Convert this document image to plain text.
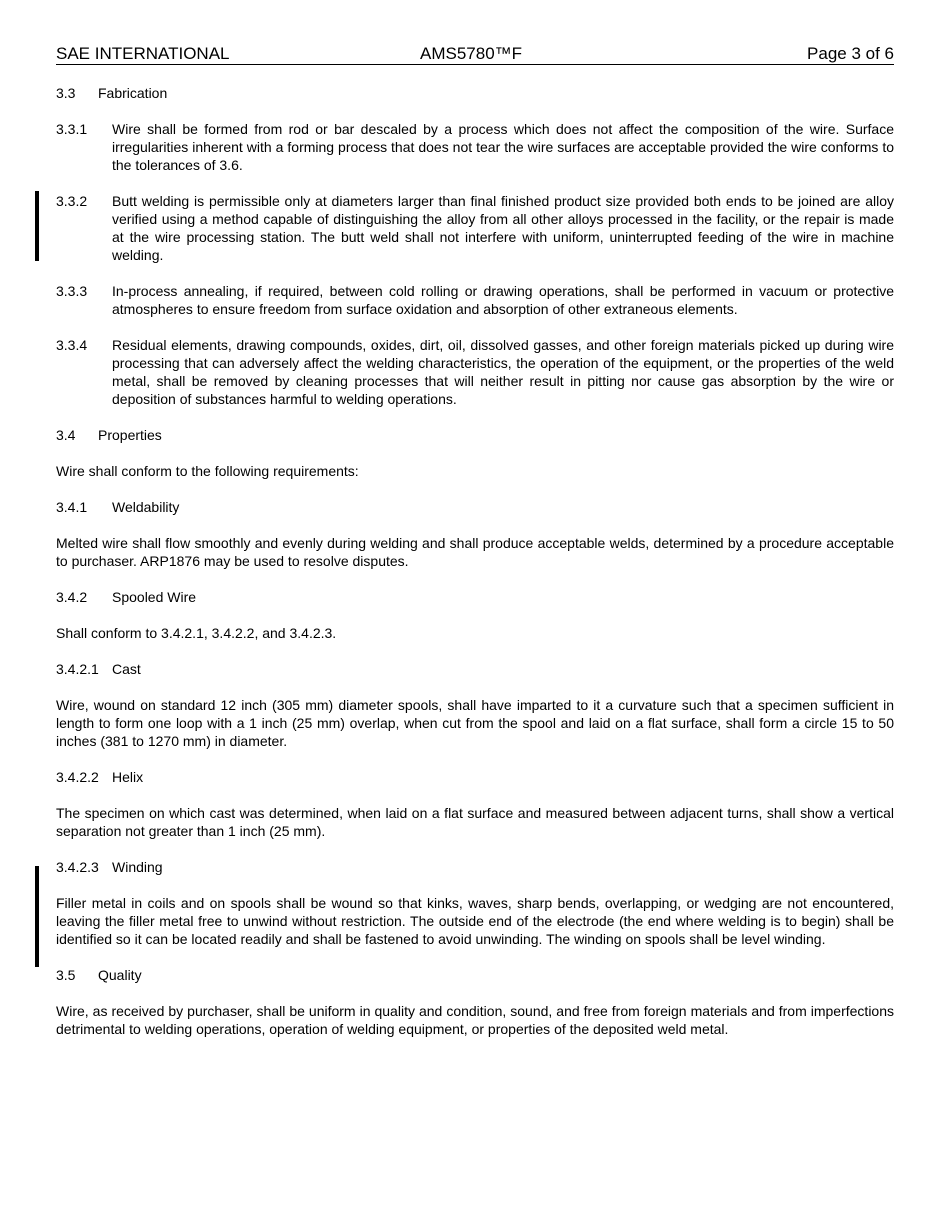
SAE INTERNATIONAL	AMS5780™F	Page 3 of 6
3.3	Fabrication
3.3.1	Wire shall be formed from rod or bar descaled by a process which does not affect the composition of the wire. Surface irregularities inherent with a forming process that does not tear the wire surfaces are acceptable provided the wire conforms to the tolerances of 3.6.
3.3.2	Butt welding is permissible only at diameters larger than final finished product size provided both ends to be joined are alloy verified using a method capable of distinguishing the alloy from all other alloys processed in the facility, or the repair is made at the wire processing station. The butt weld shall not interfere with uniform, uninterrupted feeding of the wire in machine welding.
3.3.3	In-process annealing, if required, between cold rolling or drawing operations, shall be performed in vacuum or protective atmospheres to ensure freedom from surface oxidation and absorption of other extraneous elements.
3.3.4	Residual elements, drawing compounds, oxides, dirt, oil, dissolved gasses, and other foreign materials picked up during wire processing that can adversely affect the welding characteristics, the operation of the equipment, or the properties of the weld metal, shall be removed by cleaning processes that will neither result in pitting nor cause gas absorption by the wire or deposition of substances harmful to welding operations.
3.4	Properties
Wire shall conform to the following requirements:
3.4.1	Weldability
Melted wire shall flow smoothly and evenly during welding and shall produce acceptable welds, determined by a procedure acceptable to purchaser. ARP1876 may be used to resolve disputes.
3.4.2	Spooled Wire
Shall conform to 3.4.2.1, 3.4.2.2, and 3.4.2.3.
3.4.2.1 Cast
Wire, wound on standard 12 inch (305 mm) diameter spools, shall have imparted to it a curvature such that a specimen sufficient in length to form one loop with a 1 inch (25 mm) overlap, when cut from the spool and laid on a flat surface, shall form a circle 15 to 50 inches (381 to 1270 mm) in diameter.
3.4.2.2 Helix
The specimen on which cast was determined, when laid on a flat surface and measured between adjacent turns, shall show a vertical separation not greater than 1 inch (25 mm).
3.4.2.3 Winding
Filler metal in coils and on spools shall be wound so that kinks, waves, sharp bends, overlapping, or wedging are not encountered, leaving the filler metal free to unwind without restriction. The outside end of the electrode (the end where welding is to begin) shall be identified so it can be located readily and shall be fastened to avoid unwinding. The winding on spools shall be level winding.
3.5	Quality
Wire, as received by purchaser, shall be uniform in quality and condition, sound, and free from foreign materials and from imperfections detrimental to welding operations, operation of welding equipment, or properties of the deposited weld metal.
